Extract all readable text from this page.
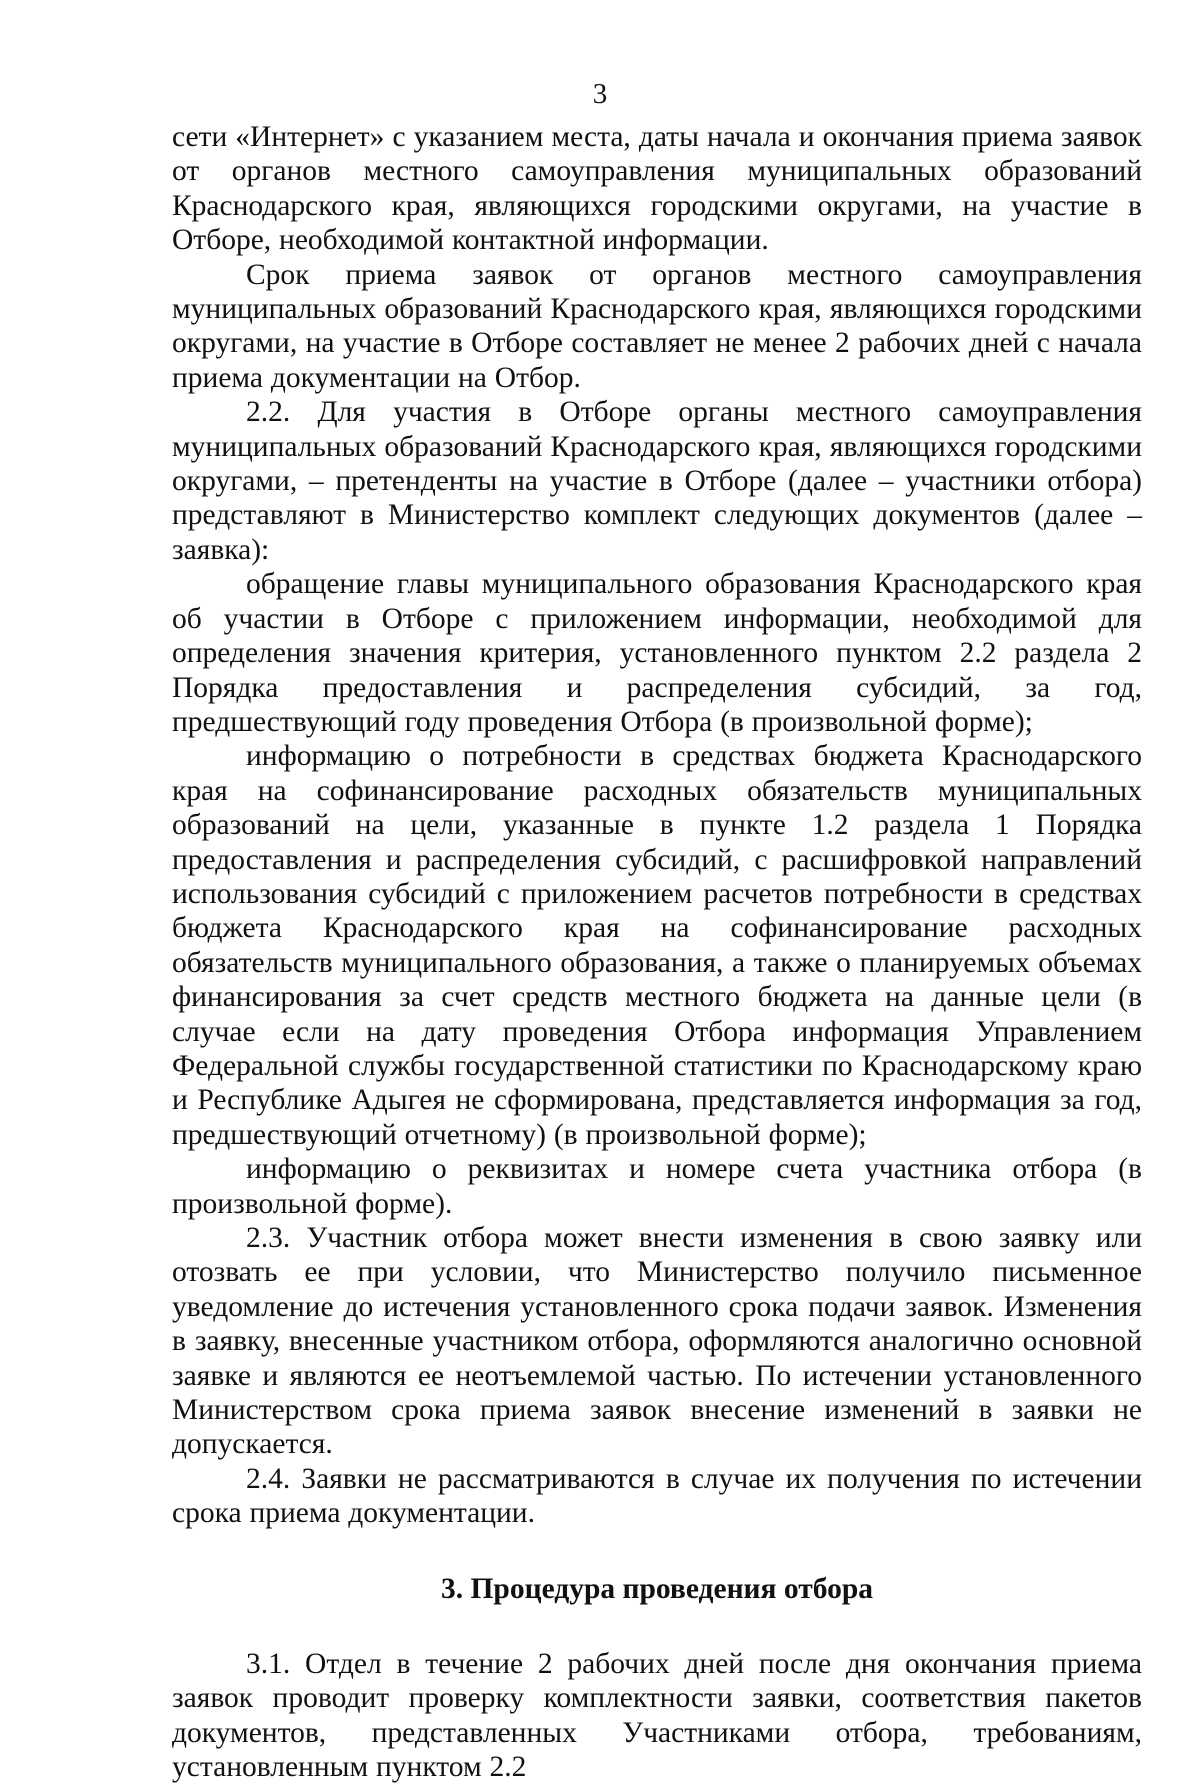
3

сети «Интернет» с указанием места, даты начала и окончания приема заявок от органов местного самоуправления муниципальных образований Краснодарского края, являющихся городскими округами, на участие в Отборе, необходимой контактной информации.

Срок приема заявок от органов местного самоуправления муниципальных образований Краснодарского края, являющихся городскими округами, на участие в Отборе составляет не менее 2 рабочих дней с начала приема документации на Отбор.

2.2. Для участия в Отборе органы местного самоуправления муниципальных образований Краснодарского края, являющихся городскими округами, – претенденты на участие в Отборе (далее – участники отбора) представляют в Министерство комплект следующих документов (далее – заявка):

обращение главы муниципального образования Краснодарского края об участии в Отборе с приложением информации, необходимой для определения значения критерия, установленного пунктом 2.2 раздела 2 Порядка предоставления и распределения субсидий, за год, предшествующий году проведения Отбора (в произвольной форме);

информацию о потребности в средствах бюджета Краснодарского края на софинансирование расходных обязательств муниципальных образований на цели, указанные в пункте 1.2 раздела 1 Порядка предоставления и распределения субсидий, с расшифровкой направлений использования субсидий с приложением расчетов потребности в средствах бюджета Краснодарского края на софинансирование расходных обязательств муниципального образования, а также о планируемых объемах финансирования за счет средств местного бюджета на данные цели (в случае если на дату проведения Отбора информация Управлением Федеральной службы государственной статистики по Краснодарскому краю и Республике Адыгея не сформирована, представляется информация за год, предшествующий отчетному) (в произвольной форме);

информацию о реквизитах и номере счета участника отбора (в произвольной форме).

2.3. Участник отбора может внести изменения в свою заявку или отозвать ее при условии, что Министерство получило письменное уведомление до истечения установленного срока подачи заявок. Изменения в заявку, внесенные участником отбора, оформляются аналогично основной заявке и являются ее неотъемлемой частью. По истечении установленного Министерством срока приема заявок внесение изменений в заявки не допускается.

2.4. Заявки не рассматриваются в случае их получения по истечении срока приема документации.

3. Процедура проведения отбора

3.1. Отдел в течение 2 рабочих дней после дня окончания приема заявок проводит проверку комплектности заявки, соответствия пакетов документов, представленных Участниками отбора, требованиям, установленным пунктом 2.2
